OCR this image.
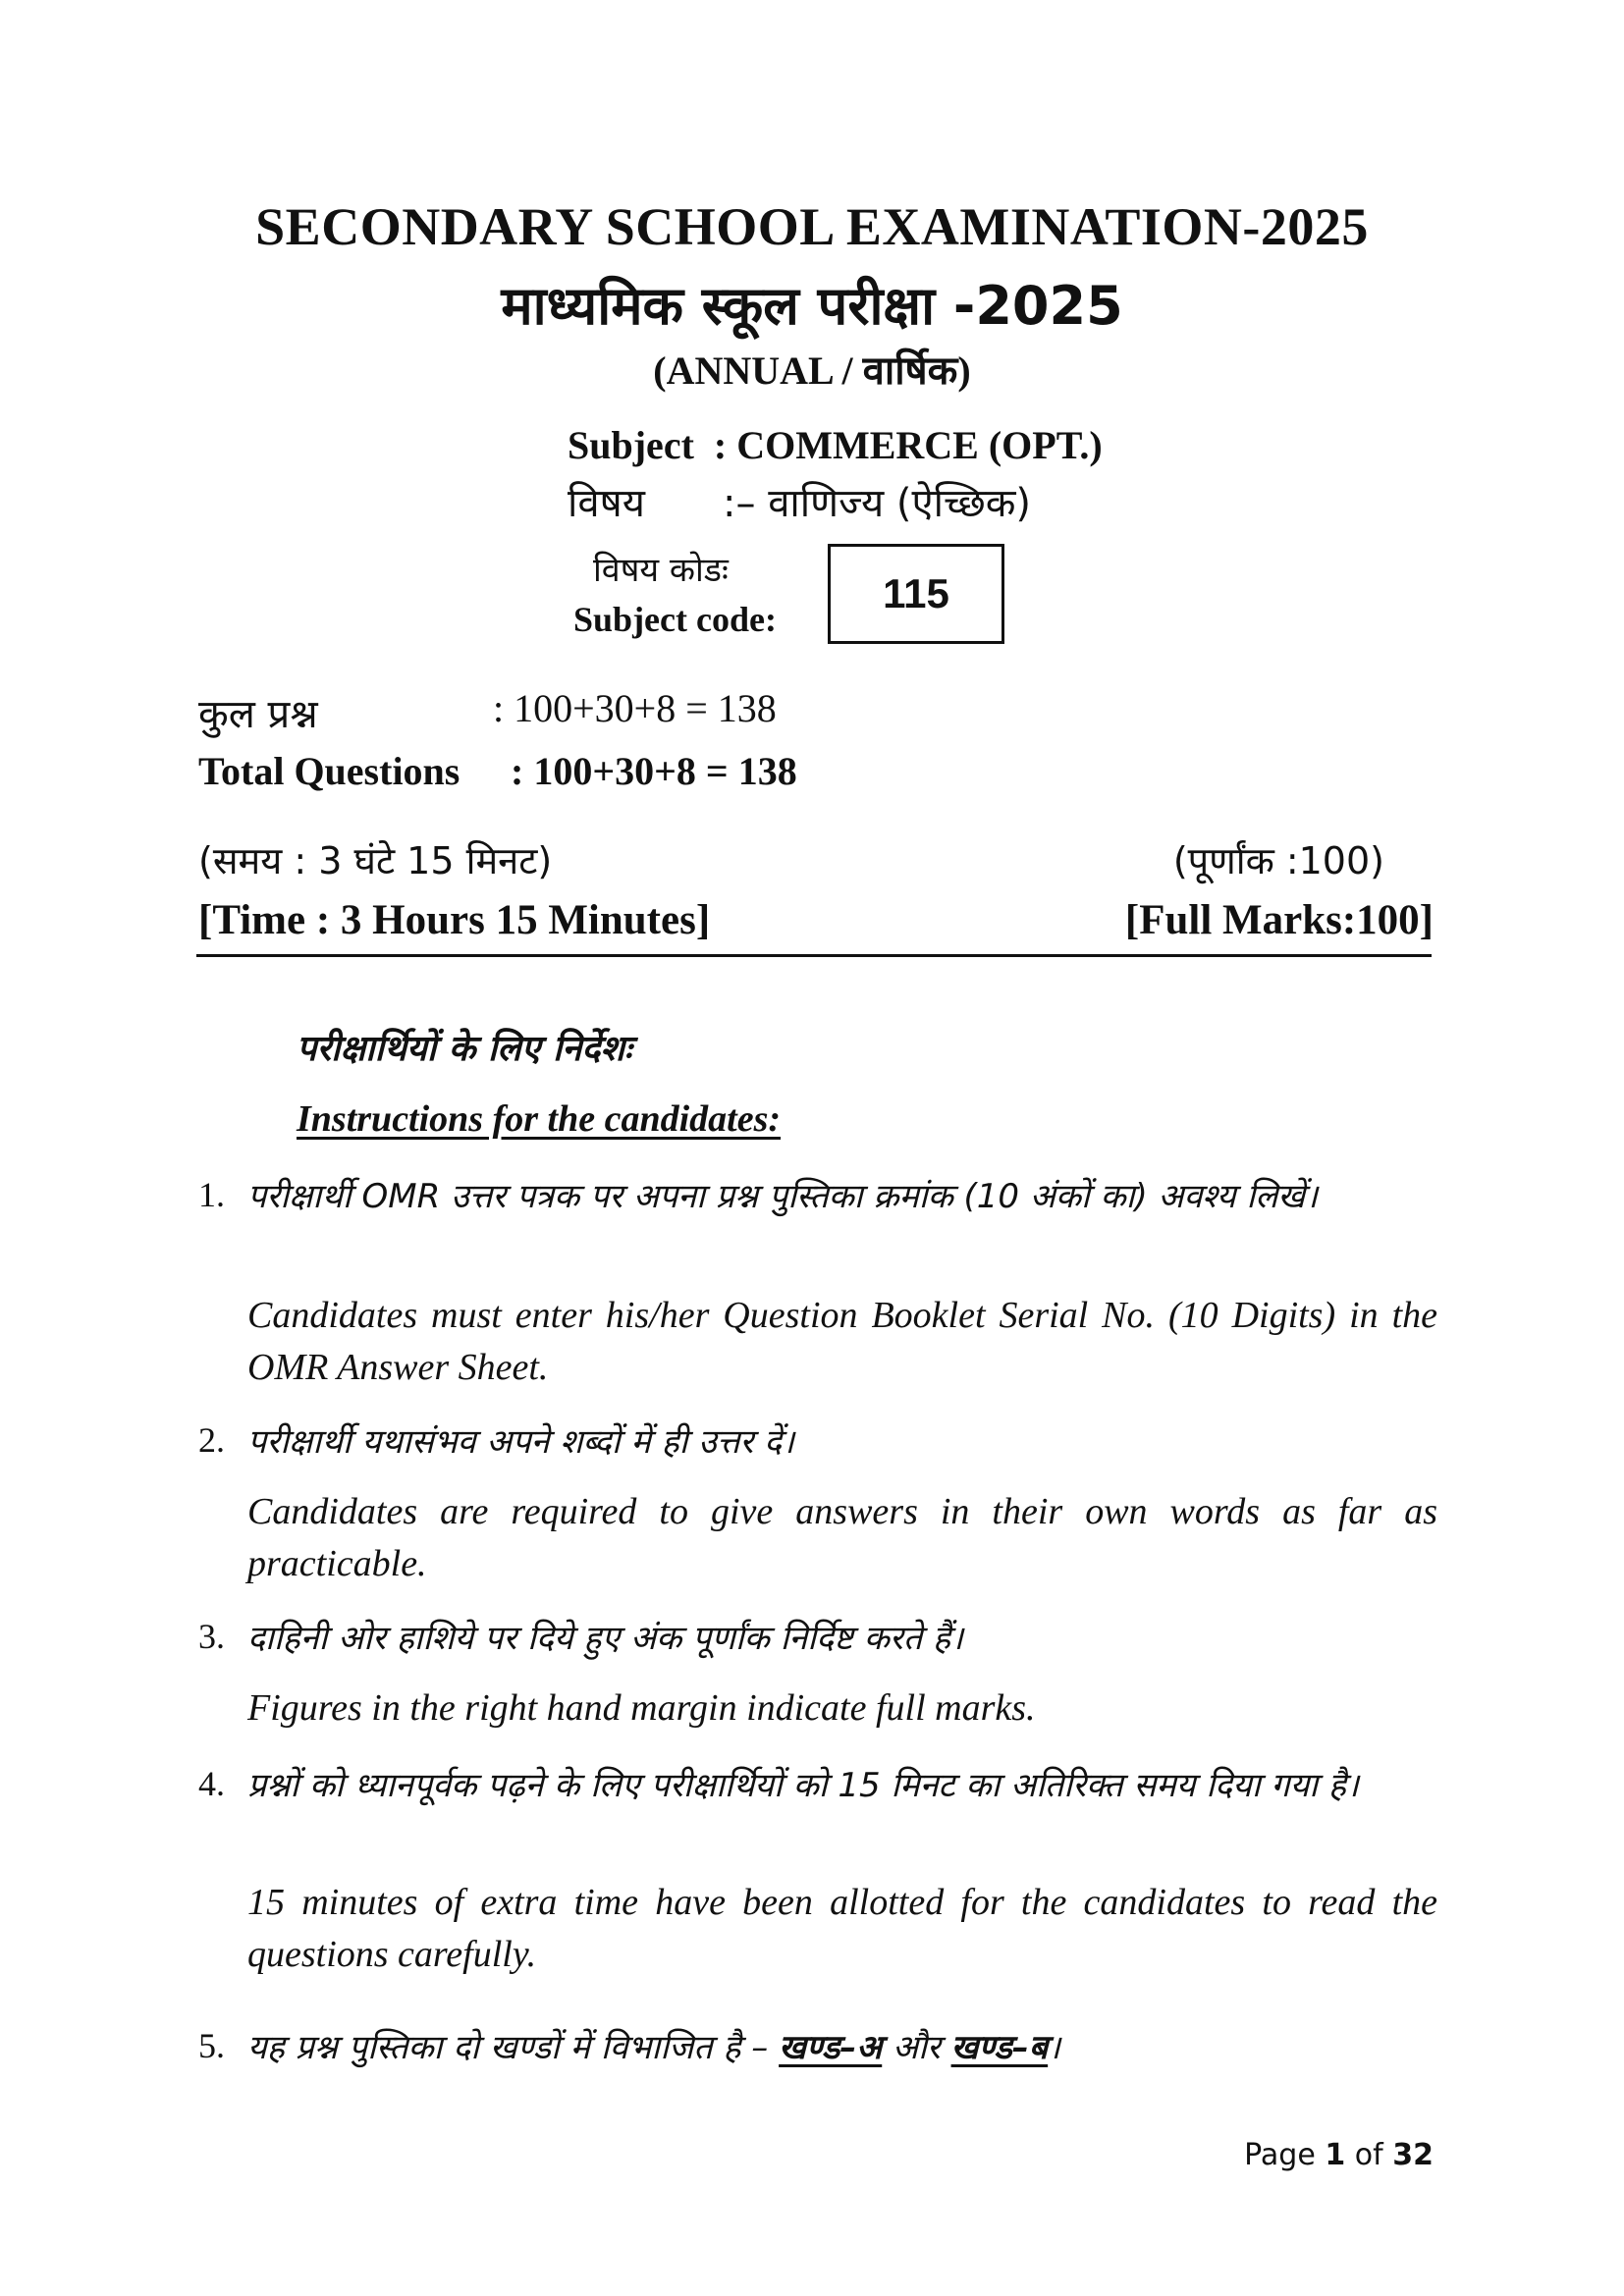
SECONDARY SCHOOL EXAMINATION-2025
माध्यमिक स्कूल परीक्षा -2025
(ANNUAL / वार्षिक)
Subject  : COMMERCE (OPT.)
विषय :– वाणिज्य (ऐच्छिक)
विषय कोडः
Subject code:
115
कुल प्रश्न	: 100+30+8 = 138
Total Questions : 100+30+8 = 138
(समय : 3 घंटे 15 मिनट)	(पूर्णांक :100)
[Time : 3 Hours 15 Minutes]	[Full Marks:100]
परीक्षार्थियों के लिए निर्देशः
Instructions for the candidates:
1. परीक्षार्थी OMR उत्तर पत्रक पर अपना प्रश्न पुस्तिका क्रमांक (10 अंकों का) अवश्य लिखें।
Candidates must enter his/her Question Booklet Serial No. (10 Digits) in the OMR Answer Sheet.
2. परीक्षार्थी यथासंभव अपने शब्दों में ही उत्तर दें।
Candidates are required to give answers in their own words as far as practicable.
3. दाहिनी ओर हाशिये पर दिये हुए अंक पूर्णांक निर्दिष्ट करते हैं।
Figures in the right hand margin indicate full marks.
4. प्रश्नों को ध्यानपूर्वक पढ़ने के लिए परीक्षार्थियों को 15 मिनट का अतिरिक्त समय दिया गया है।
15 minutes of extra time have been allotted for the candidates to read the questions carefully.
5. यह प्रश्न पुस्तिका दो खण्डों में विभाजित है – खण्ड–अ और खण्ड–ब।
Page 1 of 32
